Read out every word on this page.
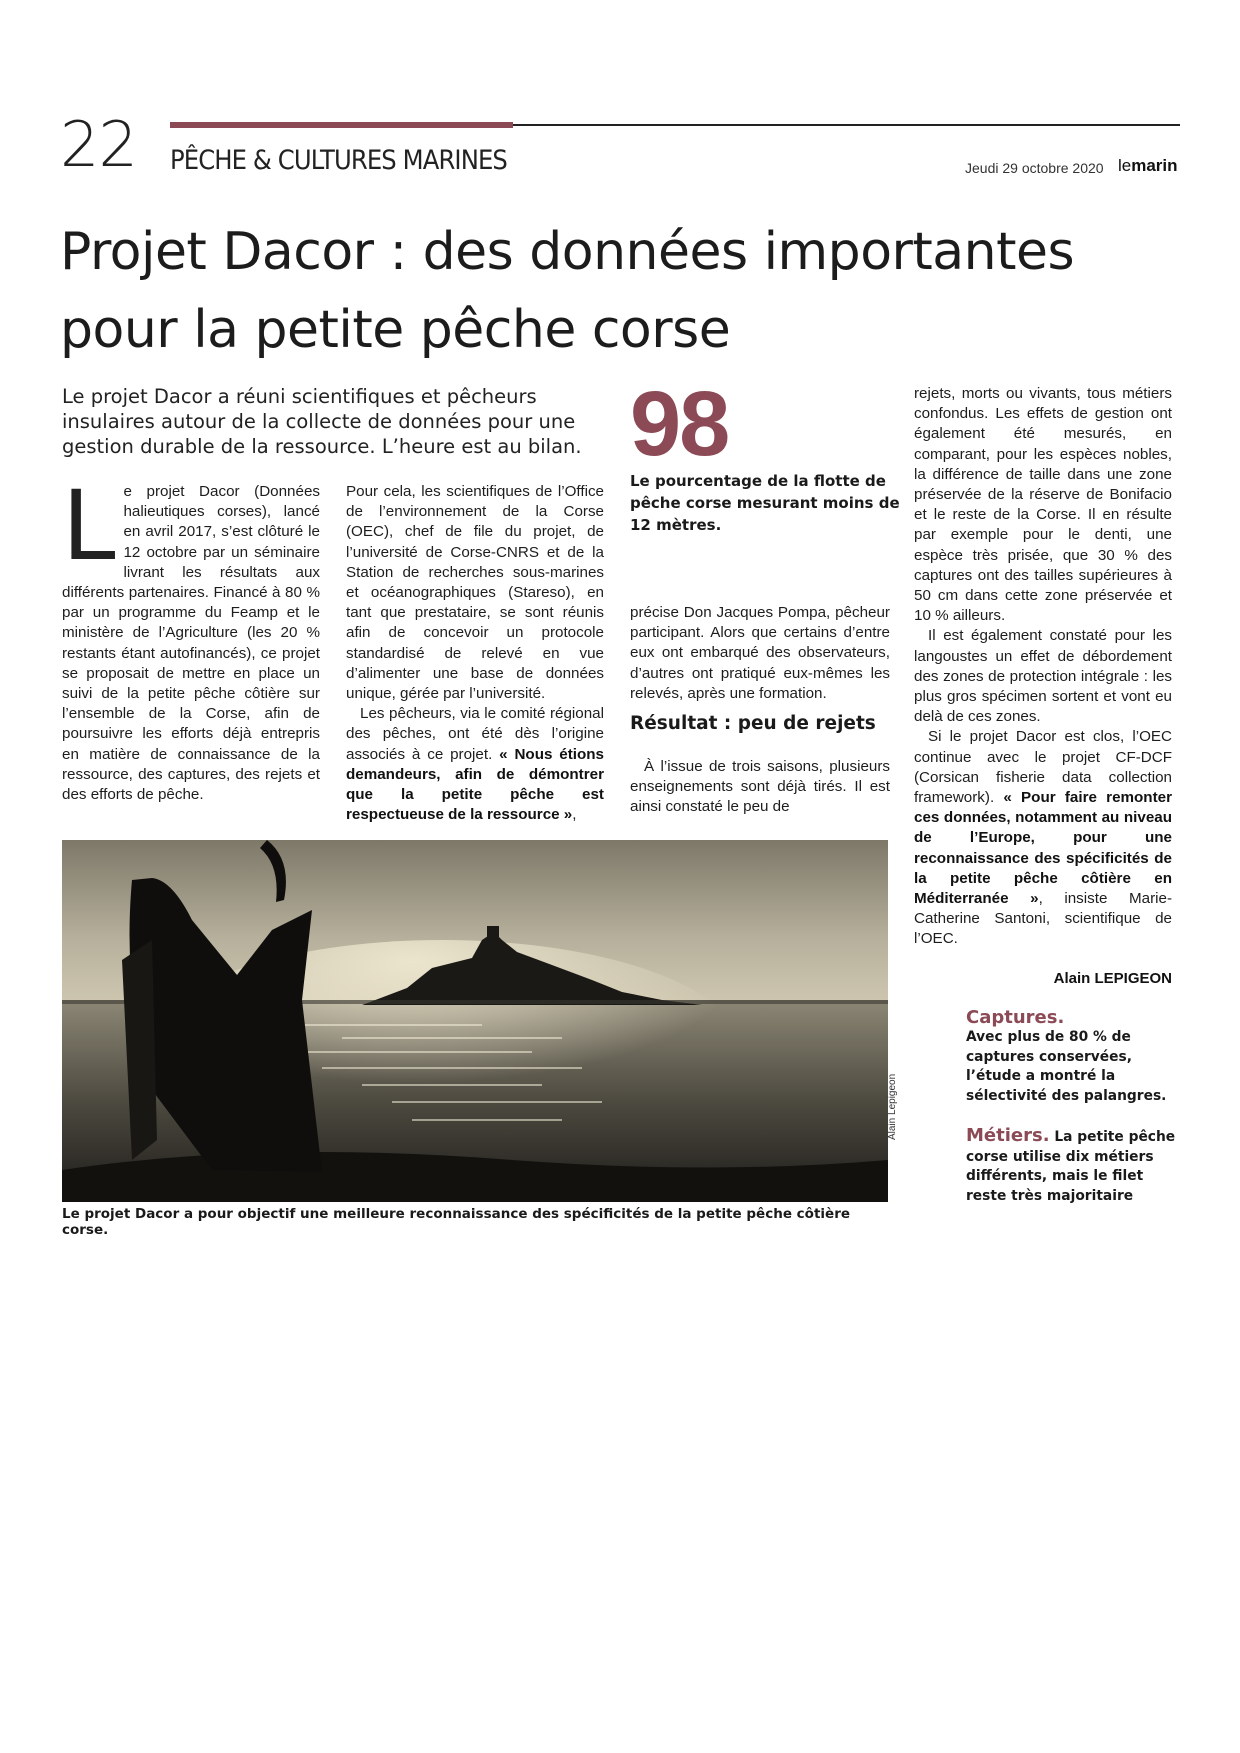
22 PÊCHE & CULTURES MARINES	Jeudi 29 octobre 2020 lemarin
Projet Dacor : des données importantes
pour la petite pêche corse
Le projet Dacor a réuni scientifiques et pêcheurs insulaires autour de la collecte de données pour une gestion durable de la ressource. L’heure est au bilan.
L e projet Dacor (Données halieutiques corses), lancé en avril 2017, s’est clôturé le 12 octobre par un séminaire livrant les résultats aux différents partenaires. Financé à 80 % par un programme du Feamp et le ministère de l’Agriculture (les 20 % restants étant autofinancés), ce projet se proposait de mettre en place un suivi de la petite pêche côtière sur l’ensemble de la Corse, afin de poursuivre les efforts déjà entrepris en matière de connaissance de la ressource, des captures, des rejets et des efforts de pêche.

Pour cela, les scientifiques de l’Office de l’environnement de la Corse (OEC), chef de file du projet, de l’université de Corse-CNRS et de la Station de recherches sous-marines et océanographiques (Stareso), en tant que prestataire, se sont réunis afin de concevoir un protocole standardisé de relevé en vue d’alimenter une base de données unique, gérée par l’université.

Les pêcheurs, via le comité régional des pêches, ont été dès l’origine associés à ce projet. « Nous étions demandeurs, afin de démontrer que la petite pêche est respectueuse de la ressource »,

98
Le pourcentage de la flotte de pêche corse mesurant moins de 12 mètres.

précise Don Jacques Pompa, pêcheur participant. Alors que certains d’entre eux ont embarqué des observateurs, d’autres ont pratiqué eux-mêmes les relevés, après une formation.

Résultat : peu de rejets

À l’issue de trois saisons, plusieurs enseignements sont déjà tirés. Il est ainsi constaté le peu de

rejets, morts ou vivants, tous métiers confondus. Les effets de gestion ont également été mesurés, en comparant, pour les espèces nobles, la différence de taille dans une zone préservée de la réserve de Bonifacio et le reste de la Corse. Il en résulte par exemple pour le denti, une espèce très prisée, que 30 % des captures ont des tailles supérieures à 50 cm dans cette zone préservée et 10 % ailleurs.

Il est également constaté pour les langoustes un effet de débordement des zones de protection intégrale : les plus gros spécimen sortent et vont eu delà de ces zones.

Si le projet Dacor est clos, l’OEC continue avec le projet CF-DCF (Corsican fisherie data collection framework). « Pour faire remonter ces données, notamment au niveau de l’Europe, pour une reconnaissance des spécificités de la petite pêche côtière en Méditerranée », insiste Marie-Catherine Santoni, scientifique de l’OEC.

Alain LEPIGEON
Alain Lepigeon
Le projet Dacor a pour objectif une meilleure reconnaissance des spécificités de la petite pêche côtière corse.
Captures.
Avec plus de 80 % de captures conservées, l’étude a montré la sélectivité des palangres.
Métiers. La petite pêche corse utilise dix métiers différents, mais le filet reste très majoritaire
